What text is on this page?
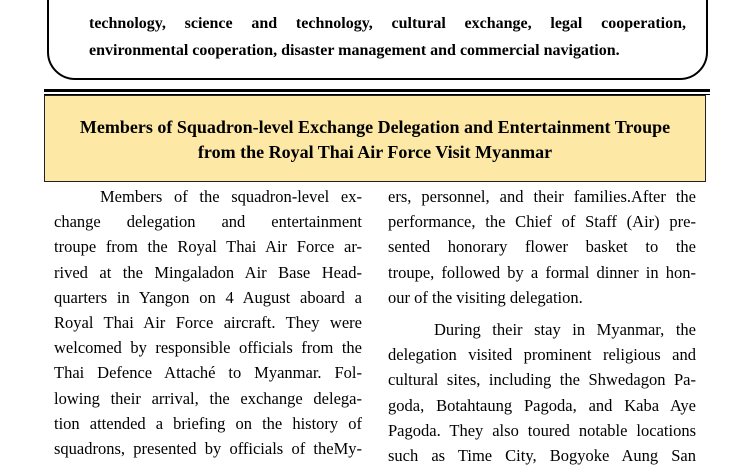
technology, science and technology, cultural exchange, legal cooperation,
environmental cooperation, disaster management and commercial navigation.

Members of Squadron-level Exchange Delegation and Entertainment Troupe
from the Royal Thai Air Force Visit Myanmar
Members of the squadron-level ex-
change delegation and entertainment
troupe from the Royal Thai Air Force ar-
rived at the Mingaladon Air Base Head-
quarters in Yangon on 4 August aboard a
Royal Thai Air Force aircraft. They were
welcomed by responsible officials from the
Thai Defence Attaché to Myanmar. Fol-
lowing their arrival, the exchange delega-
tion attended a briefing on the history of
squadrons, presented by officials of theMy-
ers, personnel, and their families.After the
performance, the Chief of Staff (Air) pre-
sented honorary flower basket to the
troupe, followed by a formal dinner in hon-
our of the visiting delegation.
During their stay in Myanmar, the
delegation visited prominent religious and
cultural sites, including the Shwedagon Pa-
goda, Botahtaung Pagoda, and Kaba Aye
Pagoda. They also toured notable locations
such as Time City, Bogyoke Aung San
